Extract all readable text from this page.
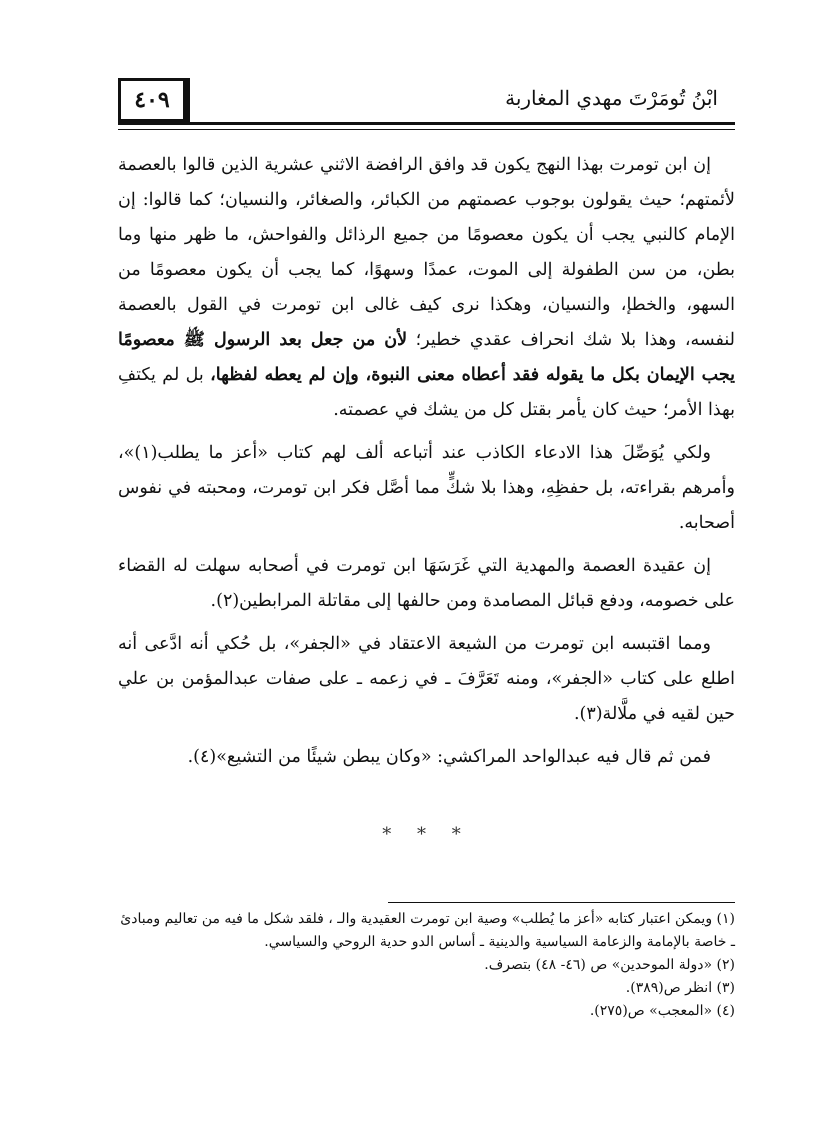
٤٠٩	ابْنُ تُومَرْتَ مهدي المغاربة

إن ابن تومرت بهذا النهج يكون قد وافق الرافضة الاثني عشرية الذين قالوا بالعصمة لأئمتهم؛ حيث يقولون بوجوب عصمتهم من الكبائر، والصغائر، والنسيان؛ كما قالوا: إن الإمام كالنبي يجب أن يكون معصومًا من جميع الرذائل والفواحش، ما ظهر منها وما بطن، من سن الطفولة إلى الموت، عمدًا وسهوًا، كما يجب أن يكون معصومًا من السهو، والخطإ، والنسيان، وهكذا نرى كيف غالى ابن تومرت في القول بالعصمة لنفسه، وهذا بلا شك انحراف عقدي خطير؛ لأن من جعل بعد الرسول ﷺ معصومًا يجب الإيمان بكل ما يقوله فقد أعطاه معنى النبوة، وإن لم يعطه لفظها، بل لم يكتفِ بهذا الأمر؛ حيث كان يأمر بقتل كل من يشك في عصمته.

ولكي يُوَصِّلَ هذا الادعاء الكاذب عند أتباعه ألف لهم كتاب «أعز ما يطلب(١)»، وأمرهم بقراءته، بل حفظِهِ، وهذا بلا شكٍّ مما أصَّل فكر ابن تومرت، ومحبته في نفوس أصحابه.

إن عقيدة العصمة والمهدية التي غَرَسَهَا ابن تومرت في أصحابه سهلت له القضاء على خصومه، ودفع قبائل المصامدة ومن حالفها إلى مقاتلة المرابطين(٢).

ومما اقتبسه ابن تومرت من الشيعة الاعتقاد في «الجفر»، بل حُكي أنه ادَّعى أنه اطلع على كتاب «الجفر»، ومنه تَعَرَّفَ ـ في زعمه ـ على صفات عبدالمؤمن بن علي حين لقيه في ملَّالة(٣).

فمن ثم قال فيه عبدالواحد المراكشي: «وكان يبطن شيئًا من التشيع»(٤).

* * *

(١) ويمكن اعتبار كتابه «أعز ما يُطلب» وصية ابن تومرت العقيدية والـ ، فلقد شكل ما فيه من تعاليم ومبادئ ـ خاصة بالإمامة والزعامة السياسية والدينية ـ أساس الدو حدية الروحي والسياسي.

(٢) «دولة الموحدين» ص (٤٦- ٤٨) بتصرف.

(٣) انظر ص(٣٨٩).

(٤) «المعجب» ص(٢٧٥).
